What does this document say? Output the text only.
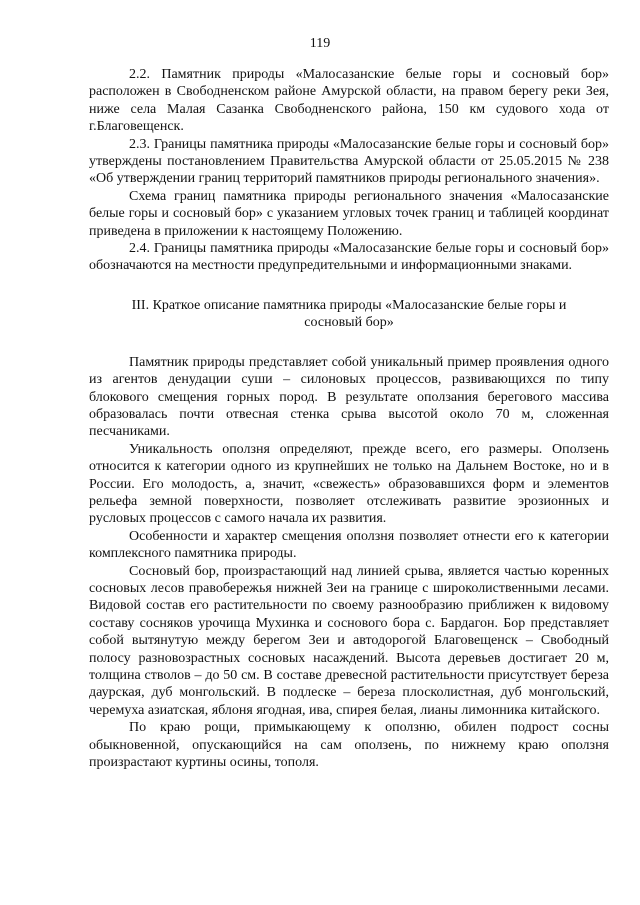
119

2.2. Памятник природы «Малосазанские белые горы и сосновый бор» расположен в Свободненском районе Амурской области, на правом берегу реки Зея, ниже села Малая Сазанка Свободненского района, 150 км судового хода от г.Благовещенск.

2.3. Границы памятника природы «Малосазанские белые горы и сосновый бор» утверждены постановлением Правительства Амурской области от 25.05.2015 № 238 «Об утверждении границ территорий памятников природы регионального значения».

Схема границ памятника природы регионального значения «Малосазанские белые горы и сосновый бор» с указанием угловых точек границ и таблицей координат приведена в приложении к настоящему Положению.

2.4. Границы памятника природы «Малосазанские белые горы и сосновый бор» обозначаются на местности предупредительными и информационными знаками.

III. Краткое описание памятника природы «Малосазанские белые горы и сосновый бор»

Памятник природы представляет собой уникальный пример проявления одного из агентов денудации суши – силоновых процессов, развивающихся по типу блокового смещения горных пород. В результате оползания берегового массива образовалась почти отвесная стенка срыва высотой около 70 м, сложенная песчаниками.

Уникальность оползня определяют, прежде всего, его размеры. Оползень относится к категории одного из крупнейших не только на Дальнем Востоке, но и в России. Его молодость, а, значит, «свежесть» образовавшихся форм и элементов рельефа земной поверхности, позволяет отслеживать развитие эрозионных и русловых процессов с самого начала их развития.

Особенности и характер смещения оползня позволяет отнести его к категории комплексного памятника природы.

Сосновый бор, произрастающий над линией срыва, является частью коренных сосновых лесов правобережья нижней Зеи на границе с широколиственными лесами. Видовой состав его растительности по своему разнообразию приближен к видовому составу сосняков урочища Мухинка и соснового бора с. Бардагон. Бор представляет собой вытянутую между берегом Зеи и автодорогой Благовещенск – Свободный полосу разновозрастных сосновых насаждений. Высота деревьев достигает 20 м, толщина стволов – до 50 см. В составе древесной растительности присутствует береза даурская, дуб монгольский. В подлеске – береза плосколистная, дуб монгольский, черемуха азиатская, яблоня ягодная, ива, спирея белая, лианы лимонника китайского.

По краю рощи, примыкающему к оползню, обилен подрост сосны обыкновенной, опускающийся на сам оползень, по нижнему краю оползня произрастают куртины осины, тополя.
